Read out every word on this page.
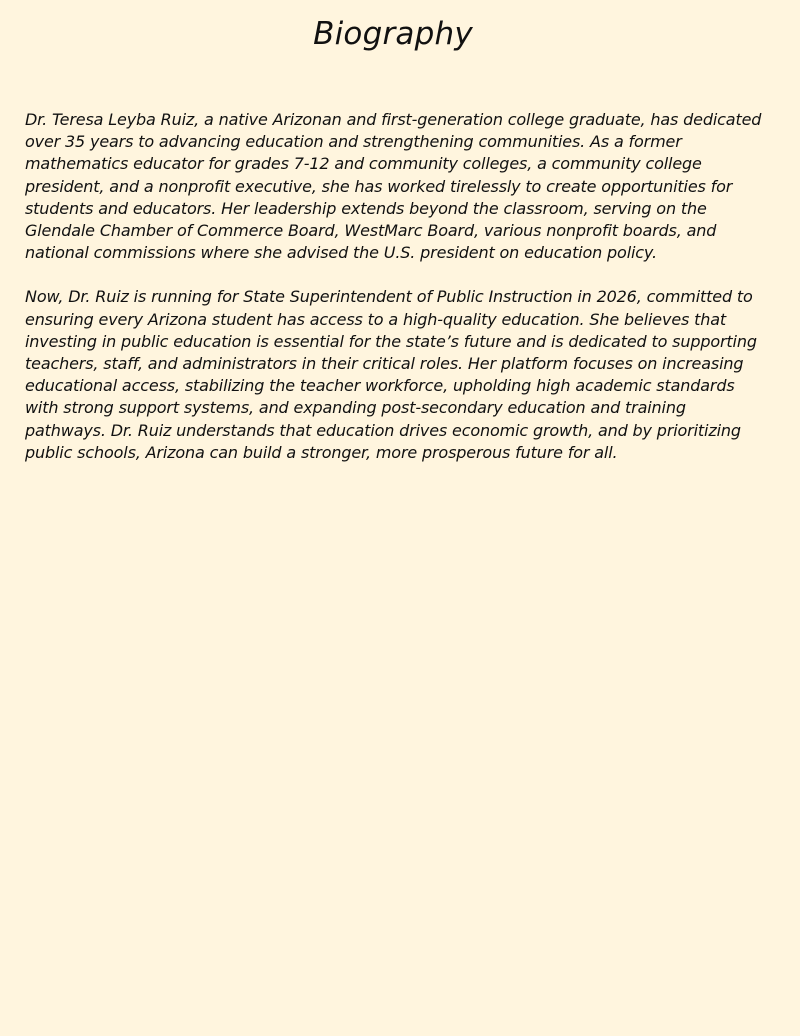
Biography

Dr. Teresa Leyba Ruiz, a native Arizonan and first-generation college graduate, has dedicated over 35 years to advancing education and strengthening communities. As a former mathematics educator for grades 7-12 and community colleges, a community college president, and a nonprofit executive, she has worked tirelessly to create opportunities for students and educators. Her leadership extends beyond the classroom, serving on the Glendale Chamber of Commerce Board, WestMarc Board, various nonprofit boards, and national commissions where she advised the U.S. president on education policy.

Now, Dr. Ruiz is running for State Superintendent of Public Instruction in 2026, committed to ensuring every Arizona student has access to a high-quality education. She believes that investing in public education is essential for the state’s future and is dedicated to supporting teachers, staff, and administrators in their critical roles. Her platform focuses on increasing educational access, stabilizing the teacher workforce, upholding high academic standards with strong support systems, and expanding post-secondary education and training pathways. Dr. Ruiz understands that education drives economic growth, and by prioritizing public schools, Arizona can build a stronger, more prosperous future for all.
